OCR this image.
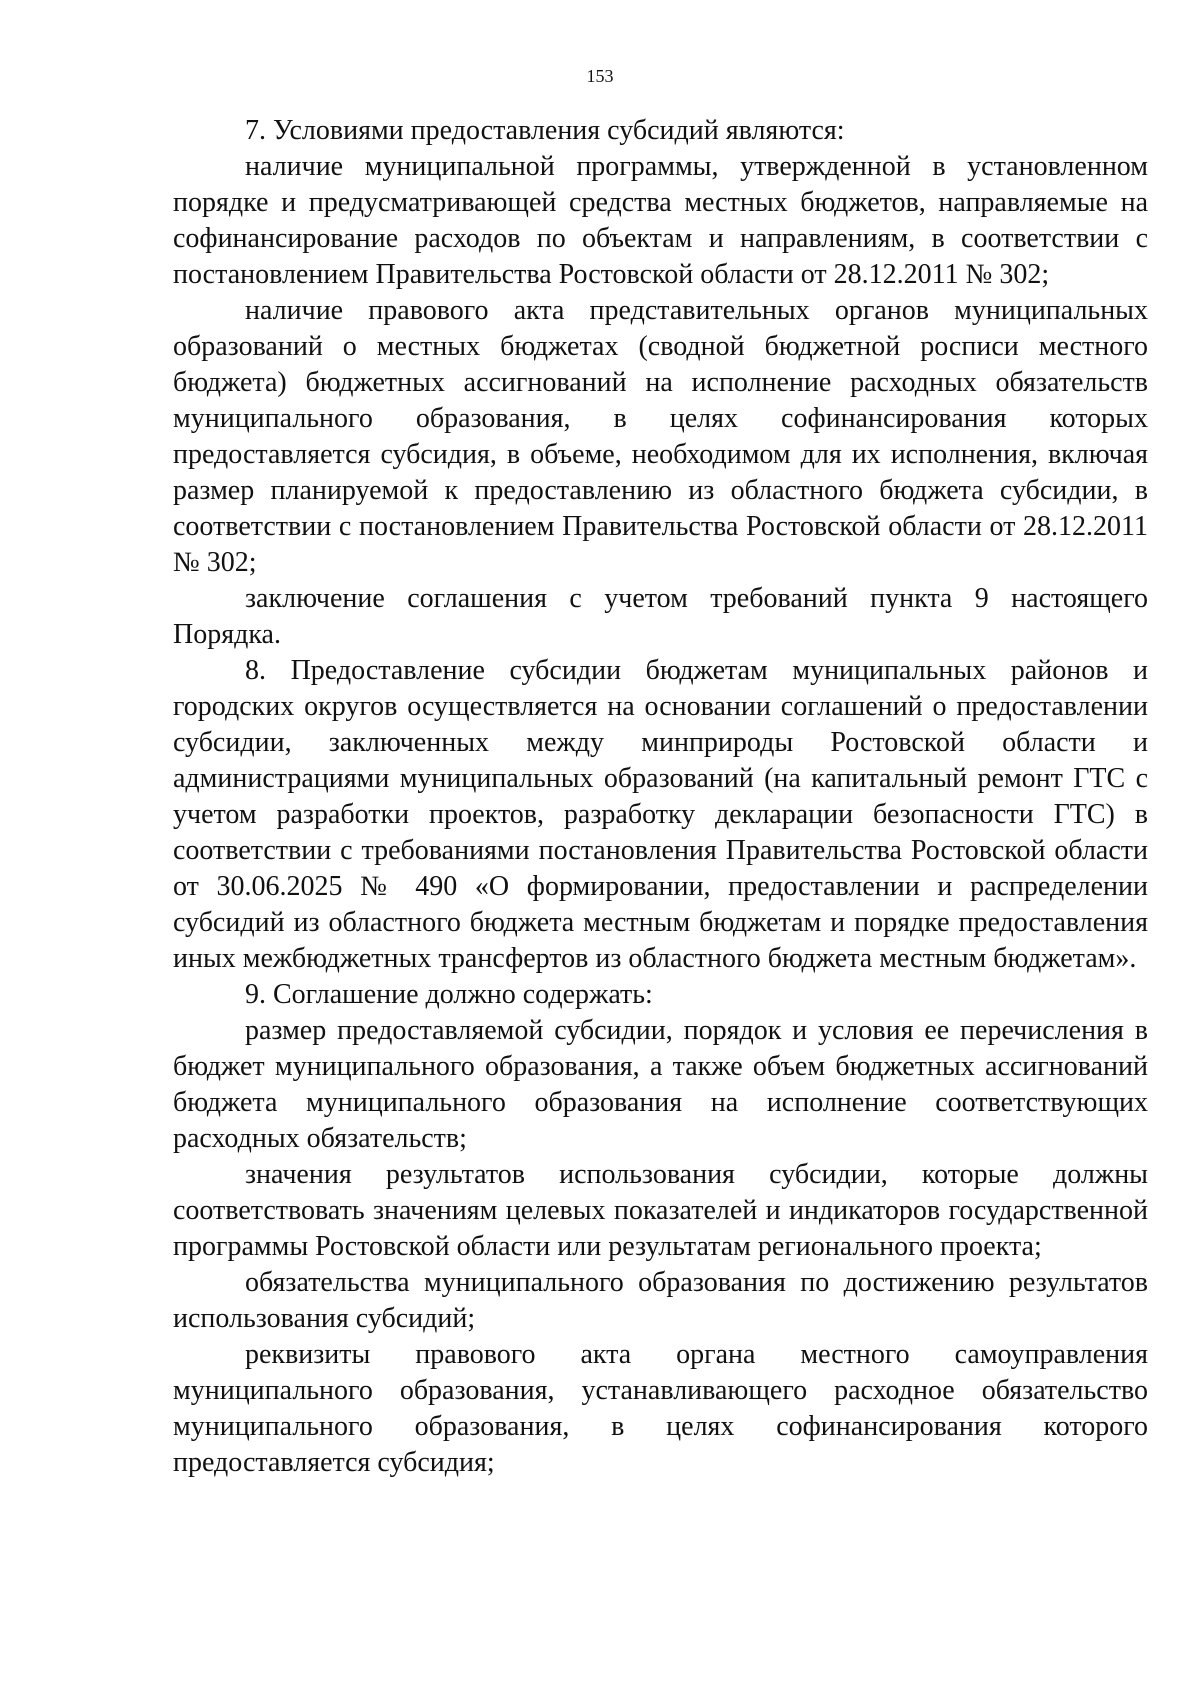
153

7. Условиями предоставления субсидий являются:

наличие муниципальной программы, утвержденной в установленном порядке и предусматривающей средства местных бюджетов, направляемые на софинансирование расходов по объектам и направлениям, в соответствии с постановлением Правительства Ростовской области от 28.12.2011 № 302;

наличие правового акта представительных органов муниципальных образований о местных бюджетах (сводной бюджетной росписи местного бюджета) бюджетных ассигнований на исполнение расходных обязательств муниципального образования, в целях софинансирования которых предоставляется субсидия, в объеме, необходимом для их исполнения, включая размер планируемой к предоставлению из областного бюджета субсидии, в соответствии с постановлением Правительства Ростовской области от 28.12.2011 № 302;

заключение соглашения с учетом требований пункта 9 настоящего Порядка.

8. Предоставление субсидии бюджетам муниципальных районов и городских округов осуществляется на основании соглашений о предоставлении субсидии, заключенных между минприроды Ростовской области и администрациями муниципальных образований (на капитальный ремонт ГТС с учетом разработки проектов, разработку декларации безопасности ГТС) в соответствии с требованиями постановления Правительства Ростовской области от 30.06.2025 № 490 «О формировании, предоставлении и распределении субсидий из областного бюджета местным бюджетам и порядке предоставления иных межбюджетных трансфертов из областного бюджета местным бюджетам».

9. Соглашение должно содержать:

размер предоставляемой субсидии, порядок и условия ее перечисления в бюджет муниципального образования, а также объем бюджетных ассигнований бюджета муниципального образования на исполнение соответствующих расходных обязательств;

значения результатов использования субсидии, которые должны соответствовать значениям целевых показателей и индикаторов государственной программы Ростовской области или результатам регионального проекта;

обязательства муниципального образования по достижению результатов использования субсидий;

реквизиты правового акта органа местного самоуправления муниципального образования, устанавливающего расходное обязательство муниципального образования, в целях софинансирования которого предоставляется субсидия;
